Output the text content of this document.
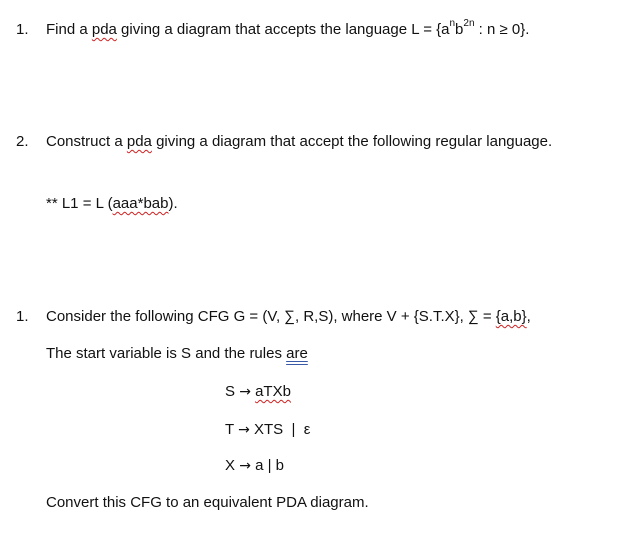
1. Find a pda giving a diagram that accepts the language $L = \{a^nb^{2n}$ : n ≥ 0}.
2. Construct a pda giving a diagram that accept the following regular language.
** L1 = L (aaa*bab).
1. Consider the following CFG G = (V, ∑, R,S), where V + {S.T.X}, ∑ = {a,b},
The start variable is S and the rules are
S → aTXb
T → XTS  |  ε
X → a | b
Convert this CFG to an equivalent PDA diagram.
